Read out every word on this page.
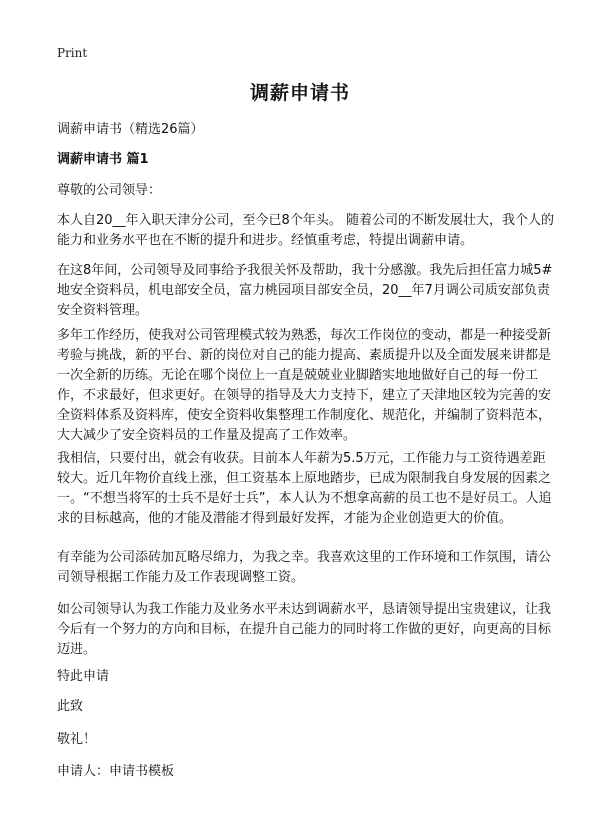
Print
调薪申请书

调薪申请书（精选26篇）

调薪申请书 篇1

尊敬的公司领导：

本人自20__年入职天津分公司，至今已8个年头。 随着公司的不断发展壮大，我个人的能力和业务水平也在不断的提升和进步。经慎重考虑，特提出调薪申请。

在这8年间，公司领导及同事给予我很关怀及帮助，我十分感激。我先后担任富力城5#地安全资料员，机电部安全员，富力桃园项目部安全员，20__年7月调公司质安部负责安全资料管理。

多年工作经历，使我对公司管理模式较为熟悉，每次工作岗位的变动，都是一种接受新考验与挑战，新的平台、新的岗位对自己的能力提高、素质提升以及全面发展来讲都是一次全新的历练。无论在哪个岗位上一直是兢兢业业脚踏实地地做好自己的每一份工作，不求最好，但求更好。在领导的指导及大力支持下，建立了天津地区较为完善的安全资料体系及资料库，使安全资料收集整理工作制度化、规范化，并编制了资料范本，大大减少了安全资料员的工作量及提高了工作效率。

我相信，只要付出，就会有收获。目前本人年薪为5.5万元，工作能力与工资待遇差距较大。近几年物价直线上涨，但工资基本上原地踏步，已成为限制我自身发展的因素之一。“不想当将军的士兵不是好士兵”，本人认为不想拿高薪的员工也不是好员工。人追求的目标越高，他的才能及潜能才得到最好发挥，才能为企业创造更大的价值。

有幸能为公司添砖加瓦略尽绵力，为我之幸。我喜欢这里的工作环境和工作氛围，请公司领导根据工作能力及工作表现调整工资。

如公司领导认为我工作能力及业务水平未达到调薪水平，恳请领导提出宝贵建议，让我今后有一个努力的方向和目标，在提升自己能力的同时将工作做的更好，向更高的目标迈进。

特此申请

此致

敬礼！

申请人：申请书模板
